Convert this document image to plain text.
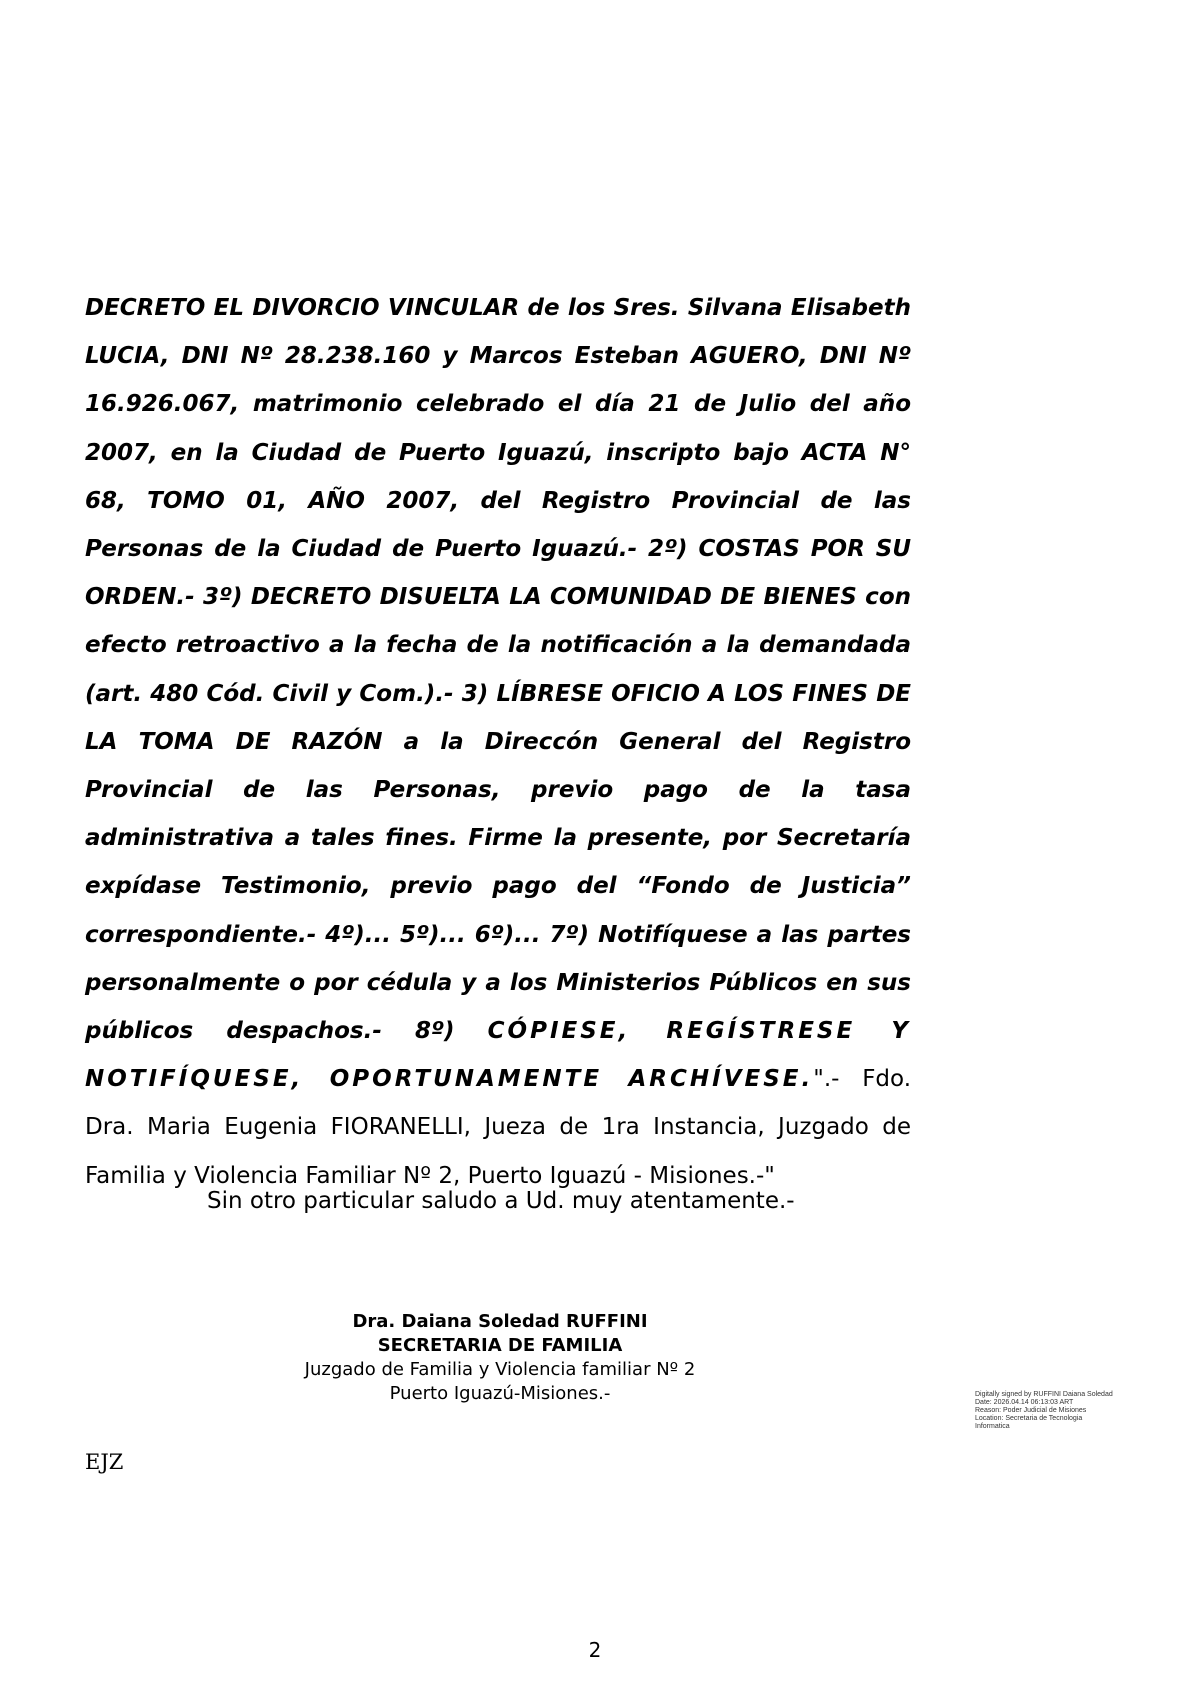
DECRETO EL DIVORCIO VINCULAR de los Sres. Silvana Elisabeth LUCIA, DNI Nº 28.238.160 y Marcos Esteban AGUERO, DNI Nº 16.926.067, matrimonio celebrado el día 21 de Julio del año 2007, en la Ciudad de Puerto Iguazú, inscripto bajo ACTA N° 68, TOMO 01, AÑO 2007, del Registro Provincial de las Personas de la Ciudad de Puerto Iguazú.- 2º) COSTAS POR SU ORDEN.- 3º) DECRETO DISUELTA LA COMUNIDAD DE BIENES con efecto retroactivo a la fecha de la notificación a la demandada (art. 480 Cód. Civil y Com.).- 3) LÍBRESE OFICIO A LOS FINES DE LA TOMA DE RAZÓN a la Direccón General del Registro Provincial de las Personas, previo pago de la tasa administrativa a tales fines. Firme la presente, por Secretaría expídase Testimonio, previo pago del “Fondo de Justicia” correspondiente.- 4º)... 5º)... 6º)... 7º) Notifíquese a las partes personalmente o por cédula y a los Ministerios Públicos en sus públicos despachos.- 8º) CÓPIESE, REGÍSTRESE Y NOTIFÍQUESE, OPORTUNAMENTE ARCHÍVESE.".- Fdo. Dra. Maria Eugenia FIORANELLI, Jueza de 1ra Instancia, Juzgado de Familia y Violencia Familiar Nº 2, Puerto Iguazú - Misiones.-"

Sin otro particular saludo a Ud. muy atentamente.-

Dra. Daiana Soledad RUFFINI
SECRETARIA DE FAMILIA
Juzgado de Familia y Violencia familiar Nº 2
Puerto Iguazú-Misiones.-	Digitally signed by RUFFINI Daiana Soledad
Date: 2026.04.14 06:13:03 ART
Reason: Poder Judicial de Misiones
Location: Secretaria de Tecnologia Informatica
EJZ
2
